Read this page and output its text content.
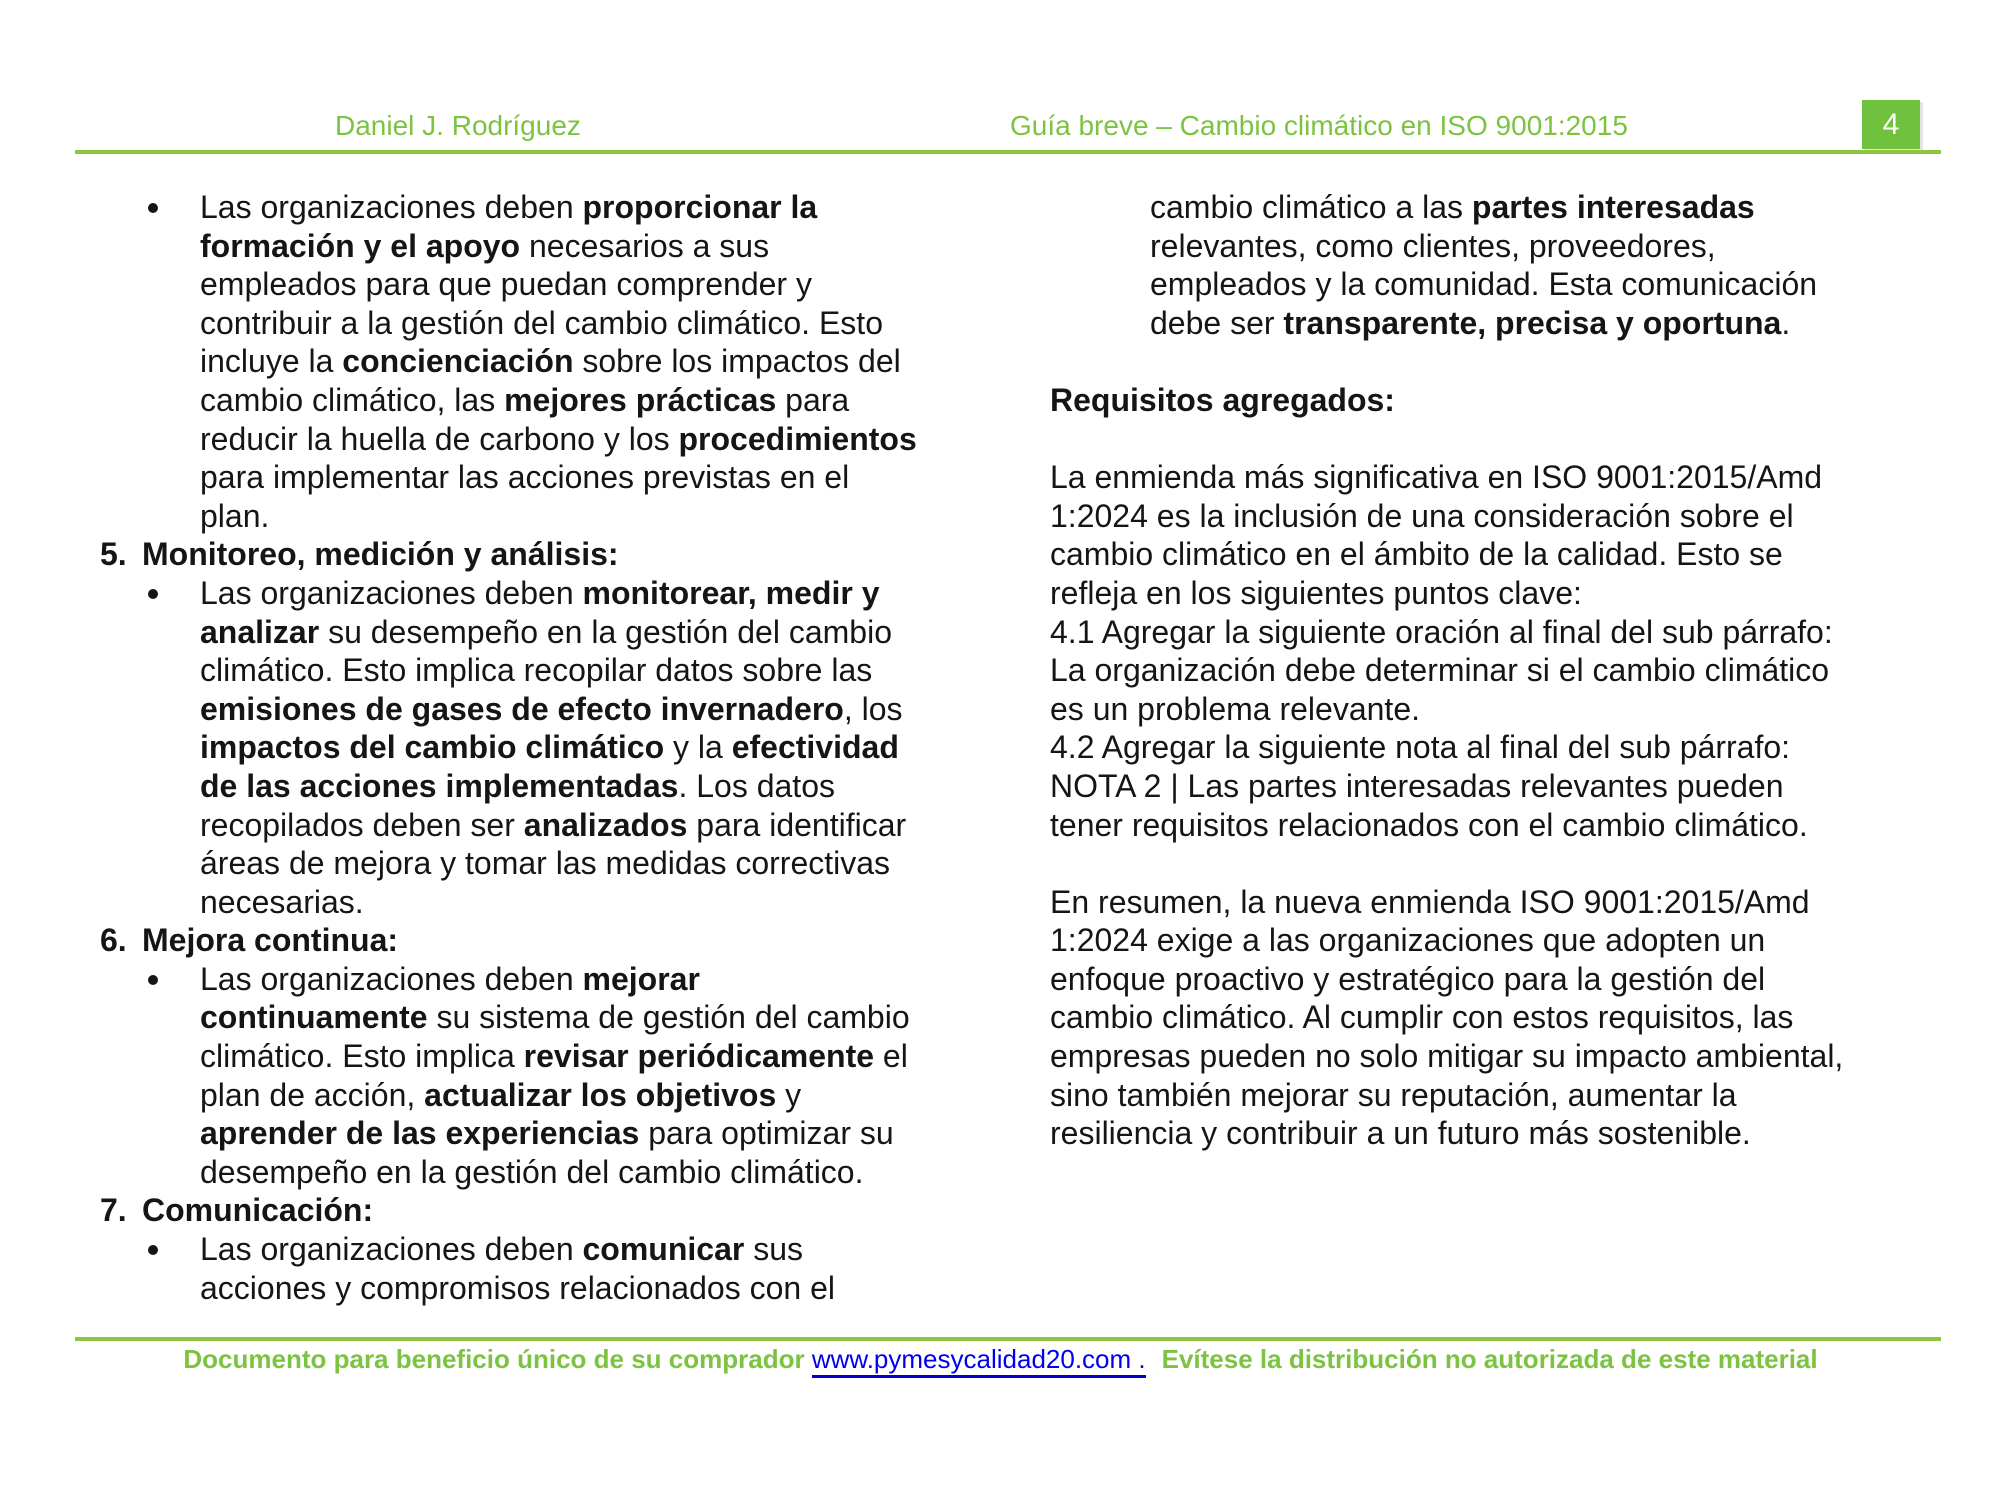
Daniel J. Rodríguez	Guía breve – Cambio climático en ISO 9001:2015	4
Las organizaciones deben proporcionar la
formación y el apoyo necesarios a sus
empleados para que puedan comprender y
contribuir a la gestión del cambio climático. Esto
incluye la concienciación sobre los impactos del
cambio climático, las mejores prácticas para
reducir la huella de carbono y los procedimientos
para implementar las acciones previstas en el
plan.
5. Monitoreo, medición y análisis:
Las organizaciones deben monitorear, medir y
analizar su desempeño en la gestión del cambio
climático. Esto implica recopilar datos sobre las
emisiones de gases de efecto invernadero, los
impactos del cambio climático y la efectividad
de las acciones implementadas. Los datos
recopilados deben ser analizados para identificar
áreas de mejora y tomar las medidas correctivas
necesarias.
6. Mejora continua:
Las organizaciones deben mejorar
continuamente su sistema de gestión del cambio
climático. Esto implica revisar periódicamente el
plan de acción, actualizar los objetivos y
aprender de las experiencias para optimizar su
desempeño en la gestión del cambio climático.
7. Comunicación:
Las organizaciones deben comunicar sus
acciones y compromisos relacionados con el
cambio climático a las partes interesadas
relevantes, como clientes, proveedores,
empleados y la comunidad. Esta comunicación
debe ser transparente, precisa y oportuna.
Requisitos agregados:
La enmienda más significativa en ISO 9001:2015/Amd
1:2024 es la inclusión de una consideración sobre el
cambio climático en el ámbito de la calidad. Esto se
refleja en los siguientes puntos clave:
4.1 Agregar la siguiente oración al final del sub párrafo:
La organización debe determinar si el cambio climático
es un problema relevante.
4.2 Agregar la siguiente nota al final del sub párrafo:
NOTA 2 | Las partes interesadas relevantes pueden
tener requisitos relacionados con el cambio climático.
En resumen, la nueva enmienda ISO 9001:2015/Amd
1:2024 exige a las organizaciones que adopten un
enfoque proactivo y estratégico para la gestión del
cambio climático. Al cumplir con estos requisitos, las
empresas pueden no solo mitigar su impacto ambiental,
sino también mejorar su reputación, aumentar la
resiliencia y contribuir a un futuro más sostenible.
Documento para beneficio único de su comprador www.pymesycalidad20.com . Evítese la distribución no autorizada de este material
